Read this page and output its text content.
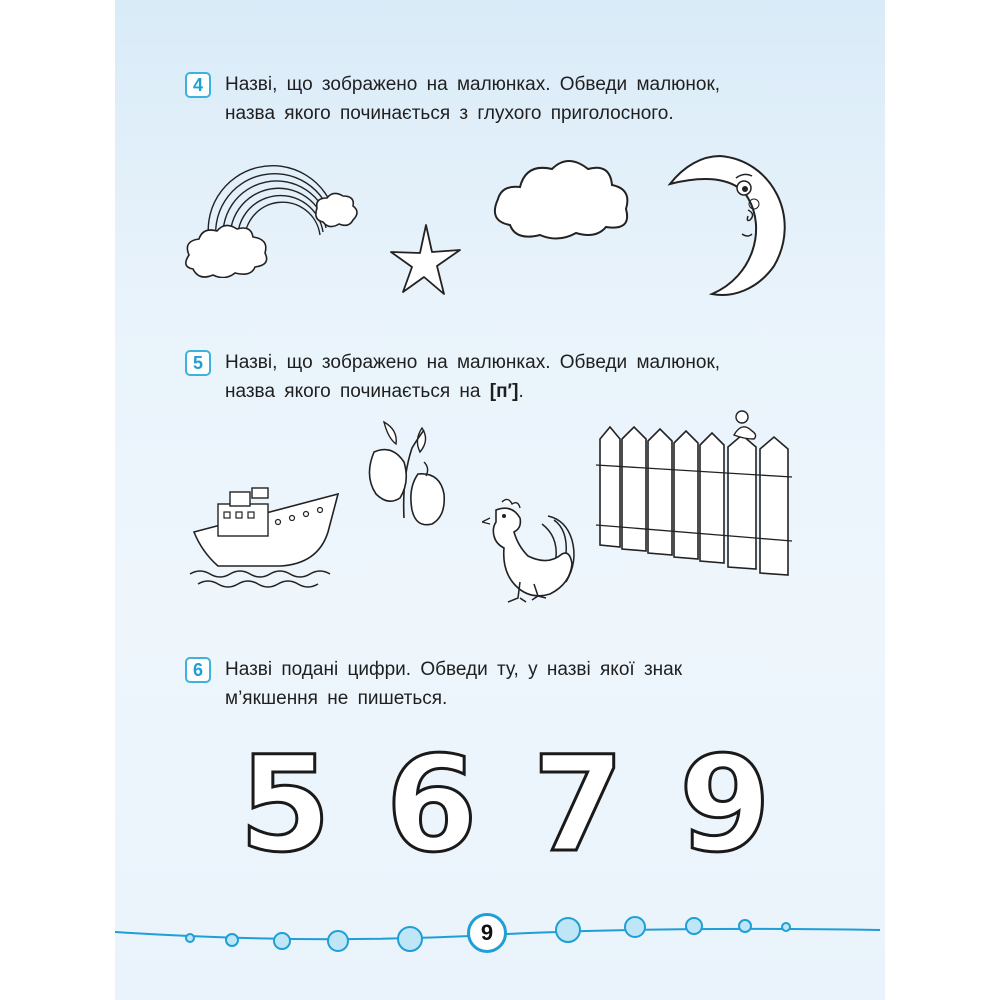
4	Назві, що зображено на малюнках. Обведи малюнок,
назва якого починається з глухого приголосного.
5	Назві, що зображено на малюнках. Обведи малюнок,
назва якого починається на [п′].
6	Назві подані цифри. Обведи ту, у назві якої знак
м’якшення не пишеться.
5 6 7 9
9
